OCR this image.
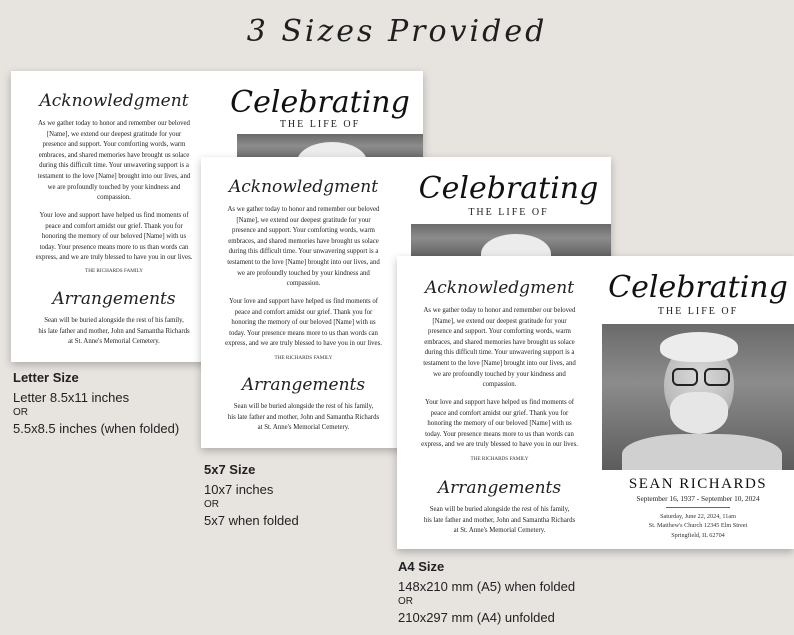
3 Sizes Provided
Acknowledgment
As we gather today to honor and remember our beloved
[Name], we extend our deepest gratitude for your
presence and support. Your comforting words, warm
embraces, and shared memories have brought us solace
during this difficult time. Your unwavering support is a
testament to the love [Name] brought into our lives, and
we are profoundly touched by your kindness and
compassion.
Your love and support have helped us find moments of
peace and comfort amidst our grief. Thank you for
honoring the memory of our beloved [Name] with us
today. Your presence means more to us than words can
express, and we are truly blessed to have you in our lives.
THE RICHARDS FAMILY
Arrangements
Sean will be buried alongside the rest of his family,
his late father and mother, John and Samantha Richards
at St. Anne's Memorial Cemetery.
Celebrating
THE LIFE OF
Acknowledgment
As we gather today to honor and remember our beloved
[Name], we extend our deepest gratitude for your
presence and support. Your comforting words, warm
embraces, and shared memories have brought us solace
during this difficult time. Your unwavering support is a
testament to the love [Name] brought into our lives, and
we are profoundly touched by your kindness and
compassion.
Your love and support have helped us find moments of
peace and comfort amidst our grief. Thank you for
honoring the memory of our beloved [Name] with us
today. Your presence means more to us than words can
express, and we are truly blessed to have you in our lives.
THE RICHARDS FAMILY
Arrangements
Sean will be buried alongside the rest of his family,
his late father and mother, John and Samantha Richards
at St. Anne's Memorial Cemetery.
Celebrating
THE LIFE OF
Acknowledgment
As we gather today to honor and remember our beloved
[Name], we extend our deepest gratitude for your
presence and support. Your comforting words, warm
embraces, and shared memories have brought us solace
during this difficult time. Your unwavering support is a
testament to the love [Name] brought into our lives, and
we are profoundly touched by your kindness and
compassion.
Your love and support have helped us find moments of
peace and comfort amidst our grief. Thank you for
honoring the memory of our beloved [Name] with us
today. Your presence means more to us than words can
express, and we are truly blessed to have you in our lives.
THE RICHARDS FAMILY
Arrangements
Sean will be buried alongside the rest of his family,
his late father and mother, John and Samantha Richards
at St. Anne's Memorial Cemetery.
Celebrating
THE LIFE OF
SEAN RICHARDS
September 16, 1937 - September 10, 2024
Saturday, June 22, 2024, 11am
St. Matthew's Church 12345 Elm Street
Springfield, IL 62704
Letter Size
Letter 8.5x11 inches
OR
5.5x8.5 inches (when folded)
5x7 Size
10x7 inches
OR
5x7 when folded
A4 Size
148x210 mm (A5) when folded
OR
210x297 mm (A4) unfolded
